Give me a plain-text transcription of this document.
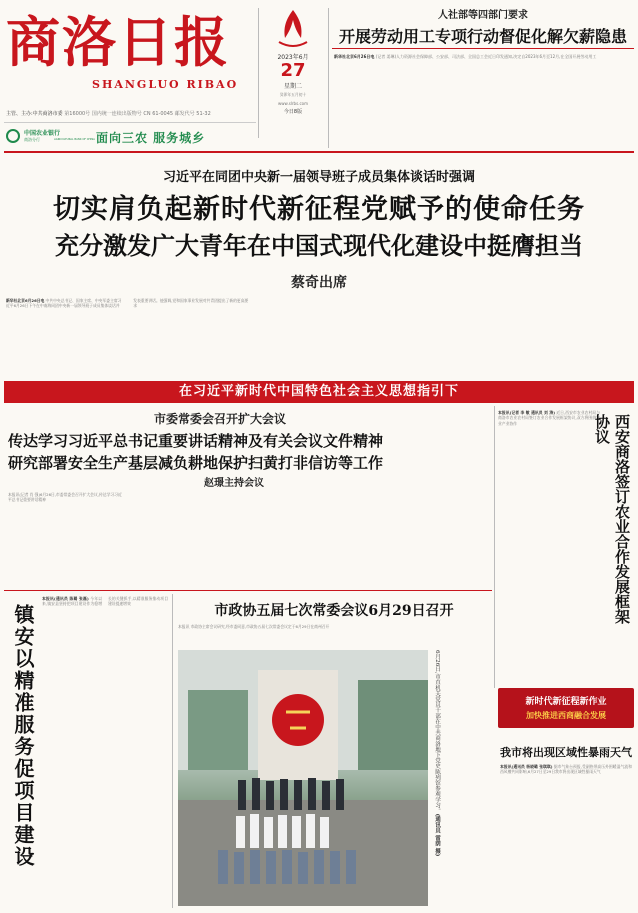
商洛日报
SHANGLUO RIBAO
主管、主办:中共商洛市委 第16000号 国内统一连续出版物号 CN 61-0045 邮发代号 51-32
2023年6月
27
星期二
癸卯年五月初十
www.slrbs.com
今日8版
中国农业银行
商洛分行	AGRICULTURAL BANK OF CHINA 面向三农 服务城乡
人社部等四部门要求
开展劳动用工专项行动督促化解欠薪隐患
新华社北京6月26日电 (记者 姜琳)人力资源社会保障部、公安部、司法部、全国总工会近日印发通知,决定自2023年6月至12月,在全国开展劳动用工
习近平在同团中央新一届领导班子成员集体谈话时强调
切实肩负起新时代新征程党赋予的使命任务
充分激发广大青年在中国式现代化建设中挺膺担当
蔡奇出席
新华社北京6月26日电 中共中央总书记、国家主席、中央军委主席习近平6月26日下午在中南海同团中央新一届领导班子成员集体谈话并发表重要讲话。他强调,党和国家事业发展对共青团提出了新的更高要求
在习近平新时代中国特色社会主义思想指引下
市委常委会召开扩大会议
传达学习习近平总书记重要讲话精神及有关会议文件精神
研究部署安全生产基层减负耕地保护扫黄打非信访等工作
赵璟主持会议
本报讯(记者 肖 强)6月26日,市委常委会召开扩大会议,传达学习习近平总书记重要讲话精神
本报讯(记者 李 敏 通讯员 刘 涛) 近日,西安市农业农村局与商洛市农业农村局签订农业合作发展框架协议,双方将围绕农业产业协作	西安商洛签订农业合作发展框架协议
新时代新征程新作业
加快推进西商融合发展
我市将出现区域性暴雨天气
本报讯(通讯员 杨晓璐 张琪琪) 据市气象台预报,受副热带高压外围暖湿气流和西风槽共同影响,6月27日至29日我市将出现区域性暴雨天气
镇安以精准服务促项目建设
本报讯(通讯员 陈璐 张磊) 今年以来,镇安县坚持把项目建设作为稳增长的关键抓手,以精准服务推动项目建设提速增效	市政协五届七次常委会议6月29日召开
本报讯 市政协主席会议研究,经市委同意,市政协五届七次常委会议定于6月29日在商州召开
6月26日,市直机关党员干部在中共商洛地下党史陈列馆参观学习。(通讯员 雷荫 摄)
